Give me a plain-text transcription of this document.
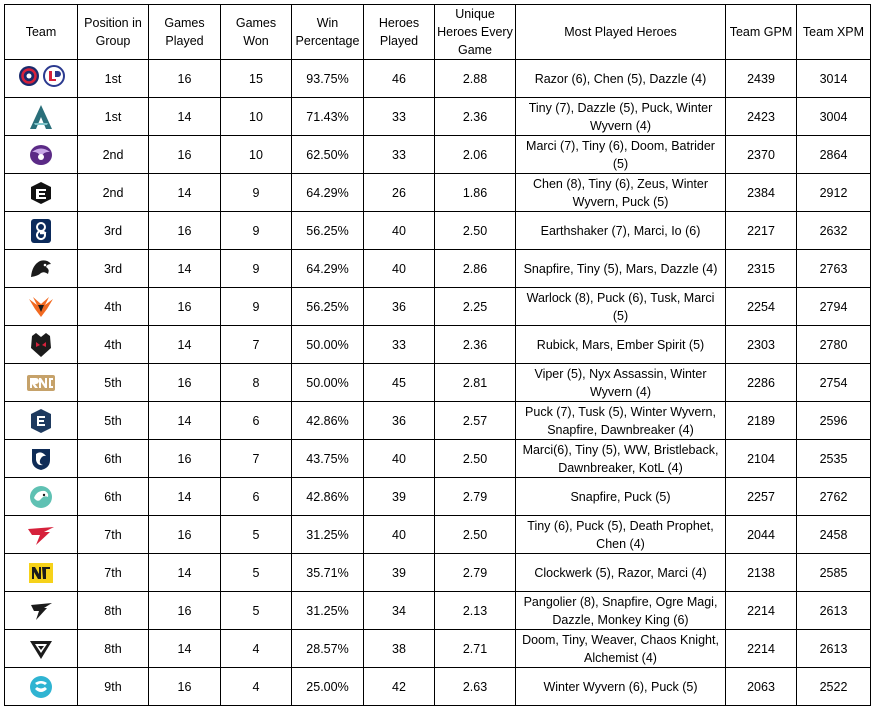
Team	Position in Group	Games Played	Games Won	Win Percentage	Heroes Played	Unique Heroes Every Game	Most Played Heroes	Team GPM	Team XPM

	1st	16	15	93.75%	46	2.88	Razor (6), Chen (5), Dazzle (4)	2439	3014

	1st	14	10	71.43%	33	2.36	Tiny (7), Dazzle (5), Puck, Winter Wyvern (4)	2423	3004

	2nd	16	10	62.50%	33	2.06	Marci (7), Tiny (6), Doom, Batrider (5)	2370	2864

	2nd	14	9	64.29%	26	1.86	Chen (8), Tiny (6), Zeus, Winter Wyvern, Puck (5)	2384	2912

	3rd	16	9	56.25%	40	2.50	Earthshaker (7), Marci, Io (6)	2217	2632

	3rd	14	9	64.29%	40	2.86	Snapfire, Tiny (5), Mars, Dazzle (4)	2315	2763

	4th	16	9	56.25%	36	2.25	Warlock (8), Puck (6), Tusk, Marci (5)	2254	2794

	4th	14	7	50.00%	33	2.36	Rubick, Mars, Ember Spirit (5)	2303	2780

	5th	16	8	50.00%	45	2.81	Viper (5), Nyx Assassin, Winter Wyvern (4)	2286	2754

	5th	14	6	42.86%	36	2.57	Puck (7), Tusk (5), Winter Wyvern, Snapfire, Dawnbreaker (4)	2189	2596

	6th	16	7	43.75%	40	2.50	Marci(6), Tiny (5), WW, Bristleback, Dawnbreaker, KotL (4)	2104	2535

	6th	14	6	42.86%	39	2.79	Snapfire, Puck (5)	2257	2762

	7th	16	5	31.25%	40	2.50	Tiny (6), Puck (5), Death Prophet, Chen (4)	2044	2458

	7th	14	5	35.71%	39	2.79	Clockwerk (5), Razor, Marci (4)	2138	2585

	8th	16	5	31.25%	34	2.13	Pangolier (8), Snapfire, Ogre Magi, Dazzle, Monkey King (6)	2214	2613

	8th	14	4	28.57%	38	2.71	Doom, Tiny, Weaver, Chaos Knight, Alchemist (4)	2214	2613

	9th	16	4	25.00%	42	2.63	Winter Wyvern (6), Puck (5)	2063	2522
